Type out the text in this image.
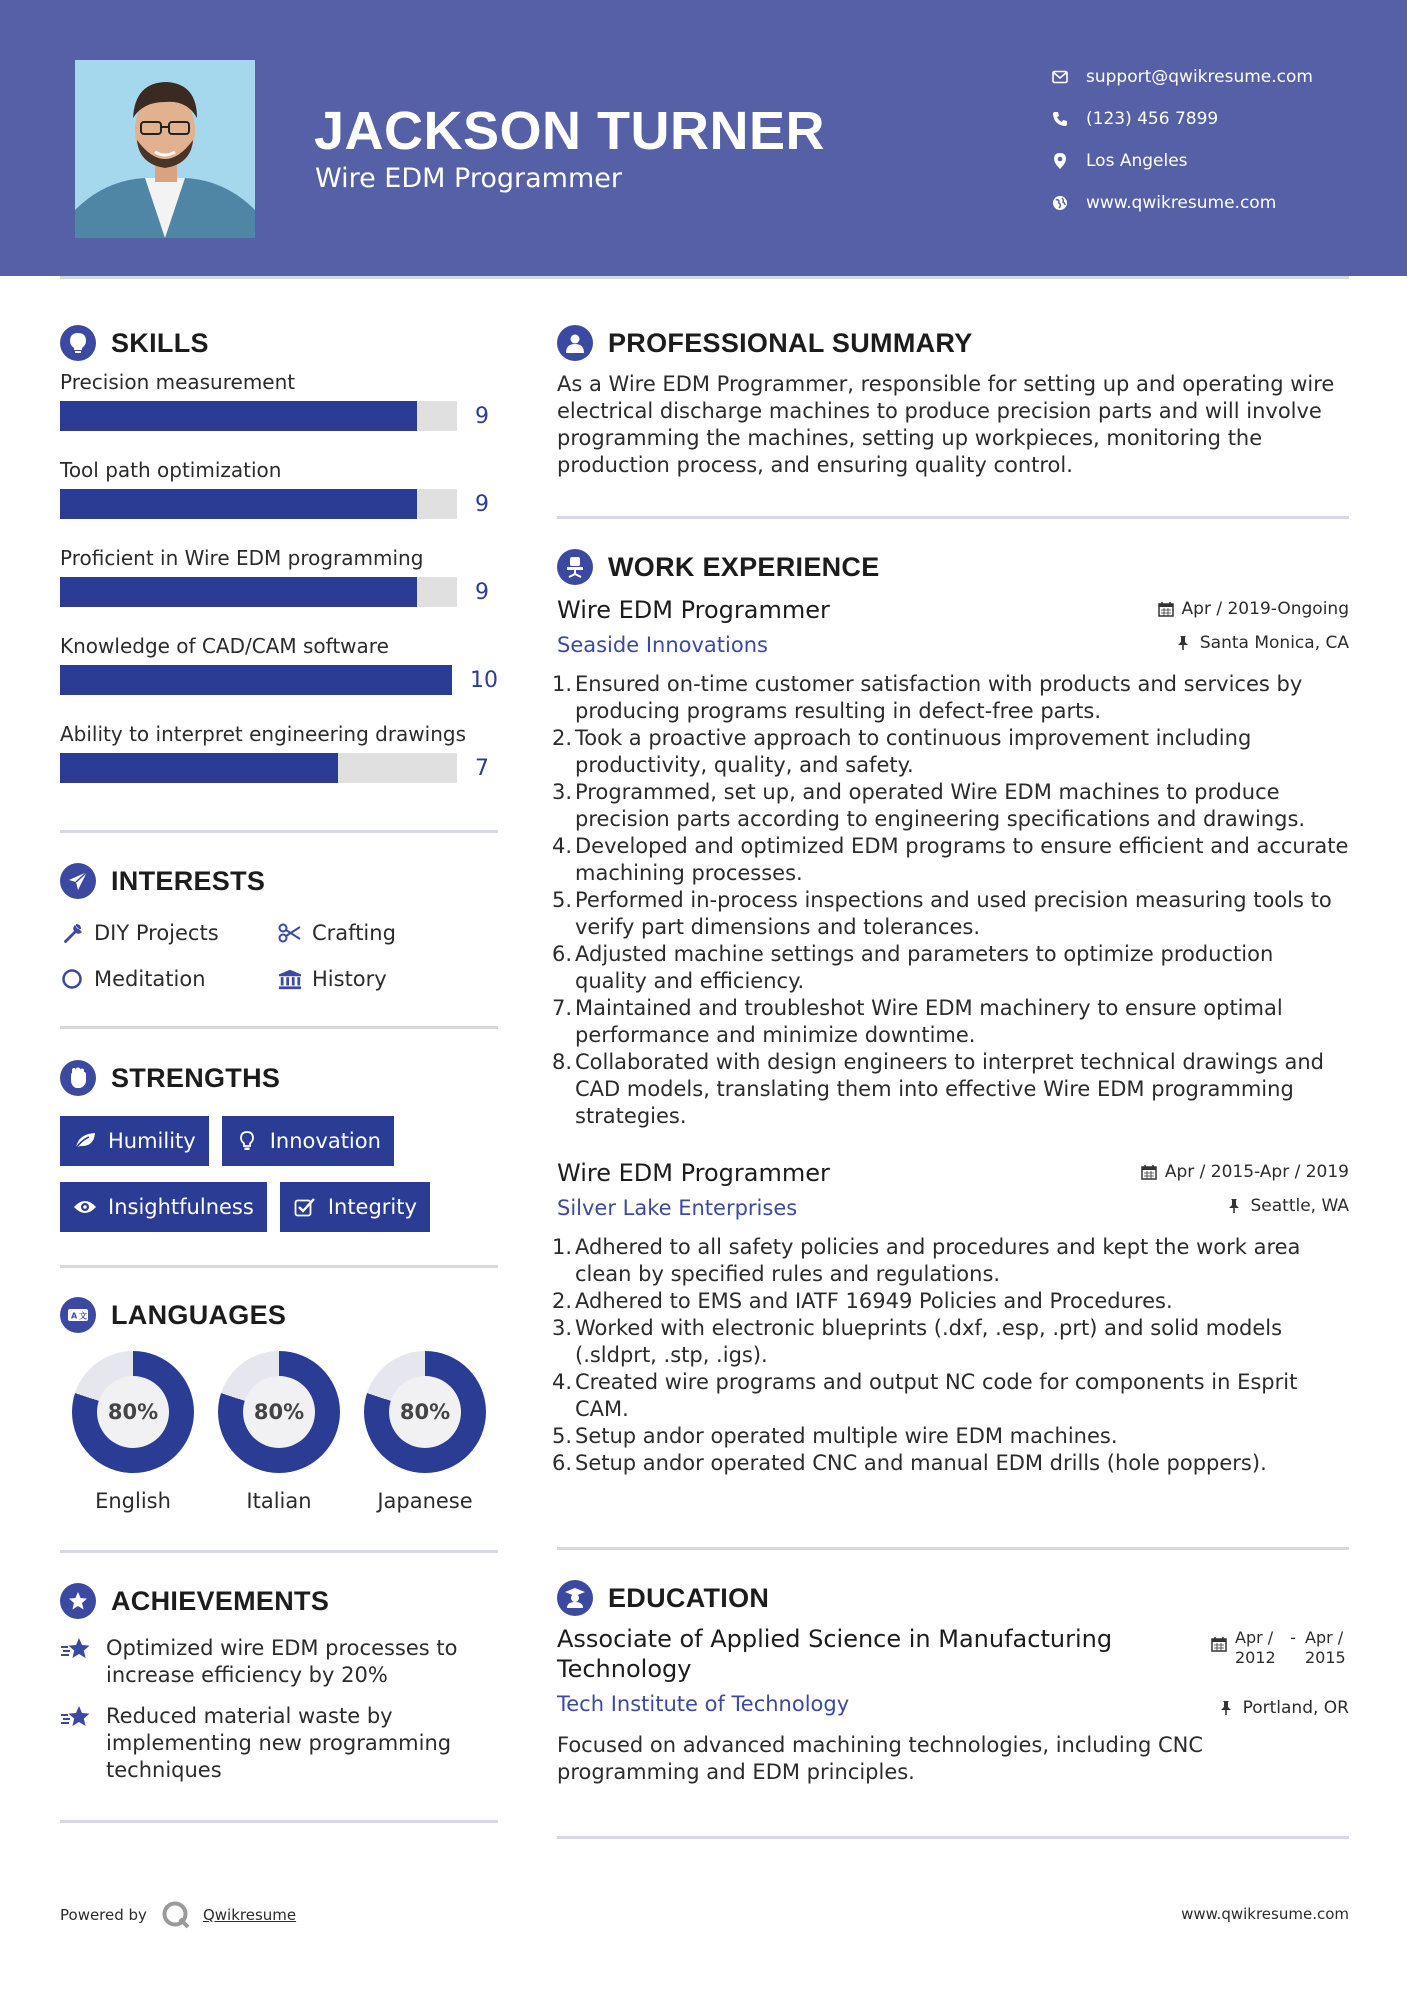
JACKSON TURNER
Wire EDM Programmer
support@qwikresume.com
(123) 456 7899
Los Angeles
www.qwikresume.com
SKILLS
Precision measurement
9
Tool path optimization
9
Proficient in Wire EDM programming
9
Knowledge of CAD/CAM software
10
Ability to interpret engineering drawings
7
INTERESTS
DIY Projects	Crafting
Meditation	History
STRENGTHS
Humility	Innovation
Insightfulness	Integrity
A 文 LANGUAGES
80%
English
80%
Italian
80%
Japanese
ACHIEVEMENTS
Optimized wire EDM processes to increase efficiency by 20%
Reduced material waste by implementing new programming techniques
PROFESSIONAL SUMMARY
As a Wire EDM Programmer, responsible for setting up and operating wire electrical discharge machines to produce precision parts and will involve programming the machines, setting up workpieces, monitoring the production process, and ensuring quality control.
WORK EXPERIENCE
Wire EDM Programmer
Seaside Innovations
Apr / 2019-Ongoing
Santa Monica, CA
1. Ensured on-time customer satisfaction with products and services by producing programs resulting in defect-free parts.
2. Took a proactive approach to continuous improvement including productivity, quality, and safety.
3. Programmed, set up, and operated Wire EDM machines to produce precision parts according to engineering specifications and drawings.
4. Developed and optimized EDM programs to ensure efficient and accurate machining processes.
5. Performed in-process inspections and used precision measuring tools to verify part dimensions and tolerances.
6. Adjusted machine settings and parameters to optimize production quality and efficiency.
7. Maintained and troubleshot Wire EDM machinery to ensure optimal performance and minimize downtime.
8. Collaborated with design engineers to interpret technical drawings and CAD models, translating them into effective Wire EDM programming strategies.
Wire EDM Programmer
Silver Lake Enterprises
Apr / 2015-Apr / 2019
Seattle, WA
1. Adhered to all safety policies and procedures and kept the work area clean by specified rules and regulations.
2. Adhered to EMS and IATF 16949 Policies and Procedures.
3. Worked with electronic blueprints (.dxf, .esp, .prt) and solid models (.sldprt, .stp, .igs).
4. Created wire programs and output NC code for components in Esprit CAM.
5. Setup andor operated multiple wire EDM machines.
6. Setup andor operated CNC and manual EDM drills (hole poppers).
EDUCATION
Associate of Applied Science in Manufacturing Technology
Tech Institute of Technology
Apr / 2012
- Apr / 2015
Portland, OR
Focused on advanced machining technologies, including CNC programming and EDM principles.
Powered by	Qwikresume	www.qwikresume.com
